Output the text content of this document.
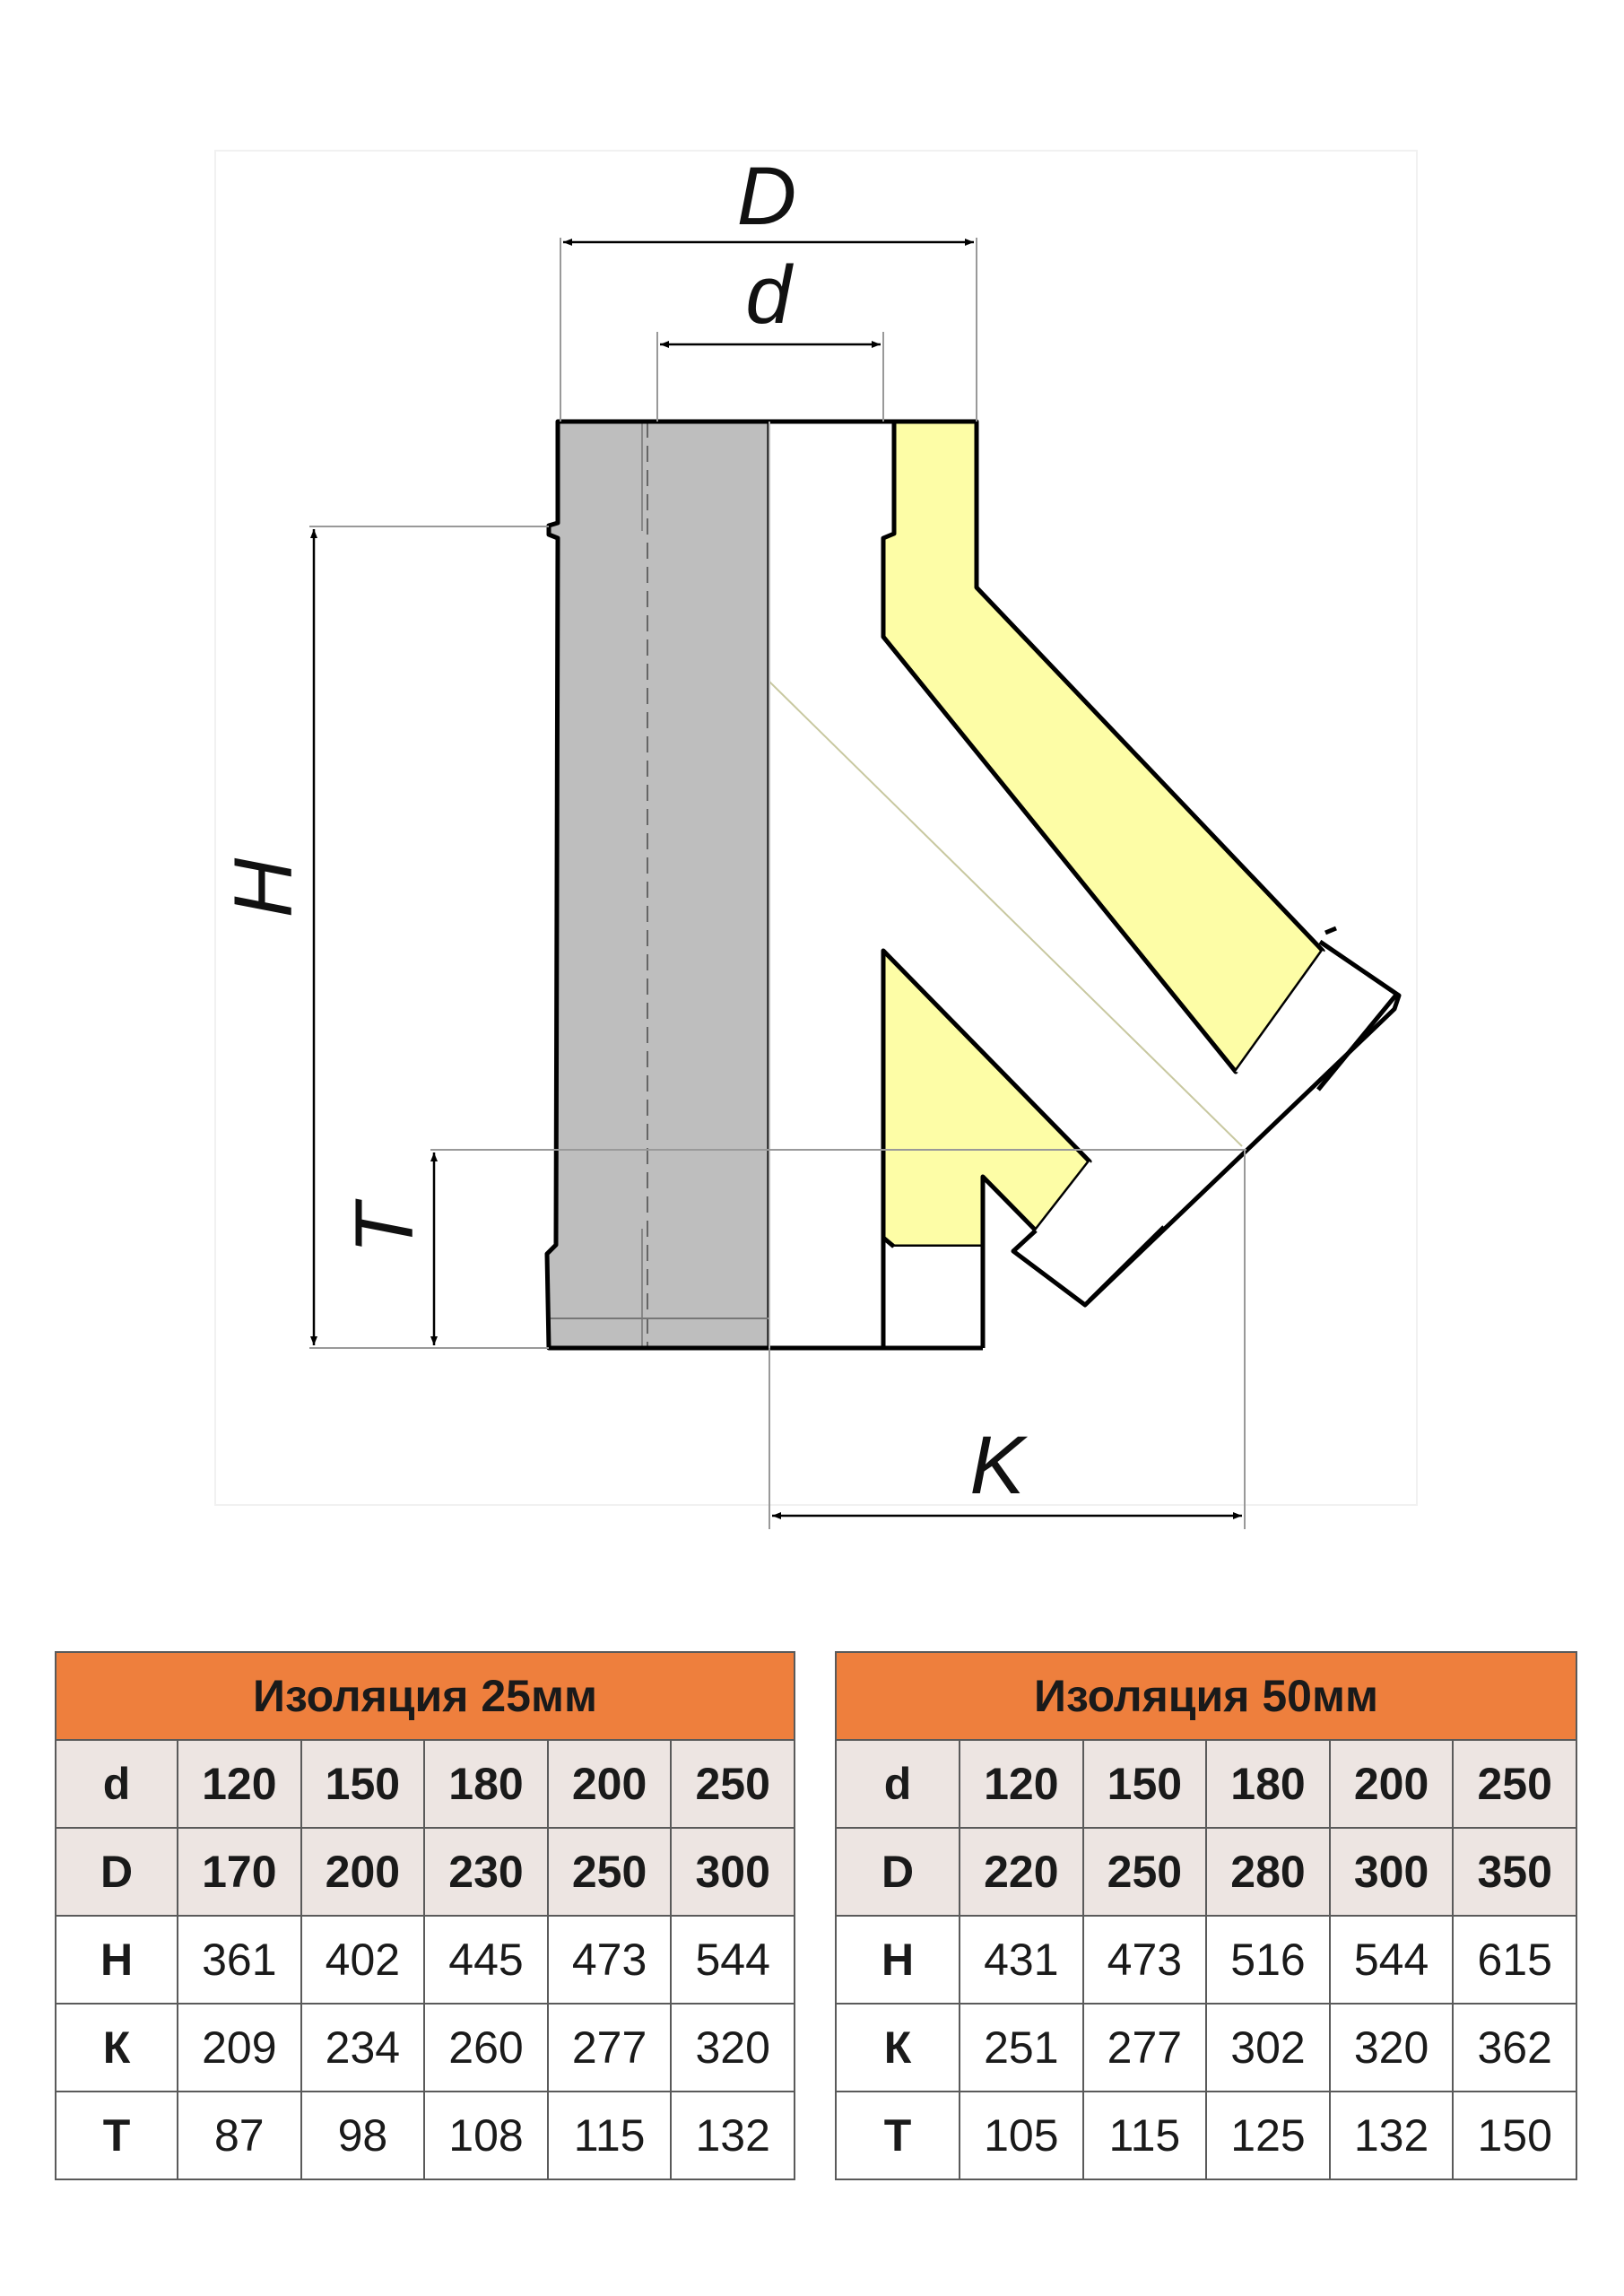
D
d
H
T
K
Изоляция 25мм					
d	120	150	180	200	250
D	170	200	230	250	300
H	361	402	445	473	544
К	209	234	260	277	320
Т	87	98	108	115	132
Изоляция 50мм					
d	120	150	180	200	250
D	220	250	280	300	350
H	431	473	516	544	615
К	251	277	302	320	362
Т	105	115	125	132	150
